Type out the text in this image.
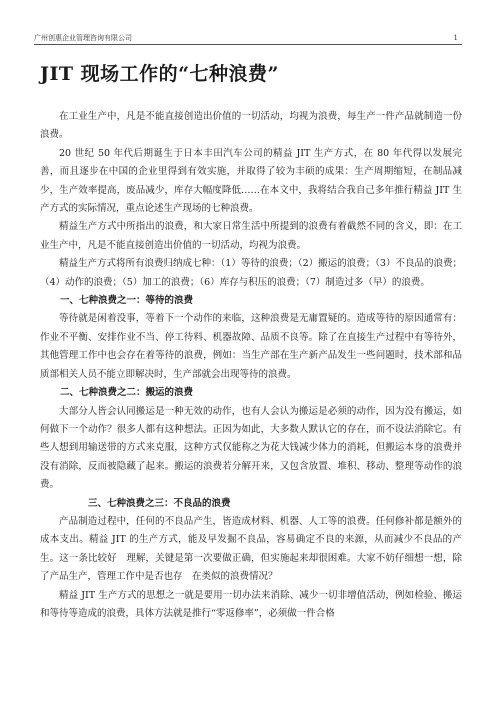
广州创惠企业管理咨询有限公司	1
JIT 现场工作的“七种浪费”

在工业生产中，凡是不能直接创造出价值的一切活动，均视为浪费，每生产一件产品就制造一份浪费。

20 世纪 50 年代后期诞生于日本丰田汽车公司的精益 JIT 生产方式，在 80 年代得以发展完善，而且逐步在中国的企业里得到有效实施，并取得了较为丰硕的成果：生产周期缩短，在制品减少，生产效率提高，废品减少，库存大幅度降低……在本文中，我将结合我自己多年推行精益 JIT 生产方式的实际情况，重点论述生产现场的七种浪费。

精益生产方式中所指出的浪费，和大家日常生活中所提到的浪费有着截然不同的含义，即：在工业生产中，凡是不能直接创造出价值的一切活动，均视为浪费。

精益生产方式将所有浪费归纳成七种：（1）等待的浪费；（2）搬运的浪费；（3）不良品的浪费；（4）动作的浪费；（5）加工的浪费；（6）库存与积压的浪费；（7）制造过多（早）的浪费。

一、七种浪费之一：等待的浪费

等待就是闲着没事，等着下一个动作的来临，这种浪费是无庸置疑的。造成等待的原因通常有：作业不平衡、安排作业不当、停工待料、机器故障、品质不良等。除了在直接生产过程中有等待外，其他管理工作中也会存在着等待的浪费，例如：当生产部在生产新产品发生一些问题时，技术部和品质部相关人员不能立即解决时，生产部就会出现等待的浪费。

二、七种浪费之二：搬运的浪费

大部分人皆会认同搬运是一种无效的动作，也有人会认为搬运是必须的动作，因为没有搬运，如何做下一个动作？很多人都有这种想法。正因为如此，大多数人默认它的存在，而不设法消除它。有些人想到用输送带的方式来克服，这种方式仅能称之为花大钱减少体力的消耗，但搬运本身的浪费并没有消除，反而被隐藏了起来。搬运的浪费若分解开来，又包含放置、堆积、移动、整理等动作的浪费。

三、七种浪费之三：不良品的浪费

产品制造过程中，任何的不良品产生，皆造成材料、机器、人工等的浪费。任何修补都是额外的成本支出。精益 JIT 的生产方式，能及早发掘不良品，容易确定不良的来源，从而减少不良品的产生。这一条比较好　理解，关键是第一次要做正确，但实施起来却很困难。大家不妨仔细想一想，除了产品生产，管理工作中是否也存　在类似的浪费情况？

精益 JIT 生产方式的思想之一就是要用一切办法来消除、减少一切非增值活动，例如检验、搬运和等待等造成的浪费，具体方法就是推行“零返修率”，必须做一件合格
